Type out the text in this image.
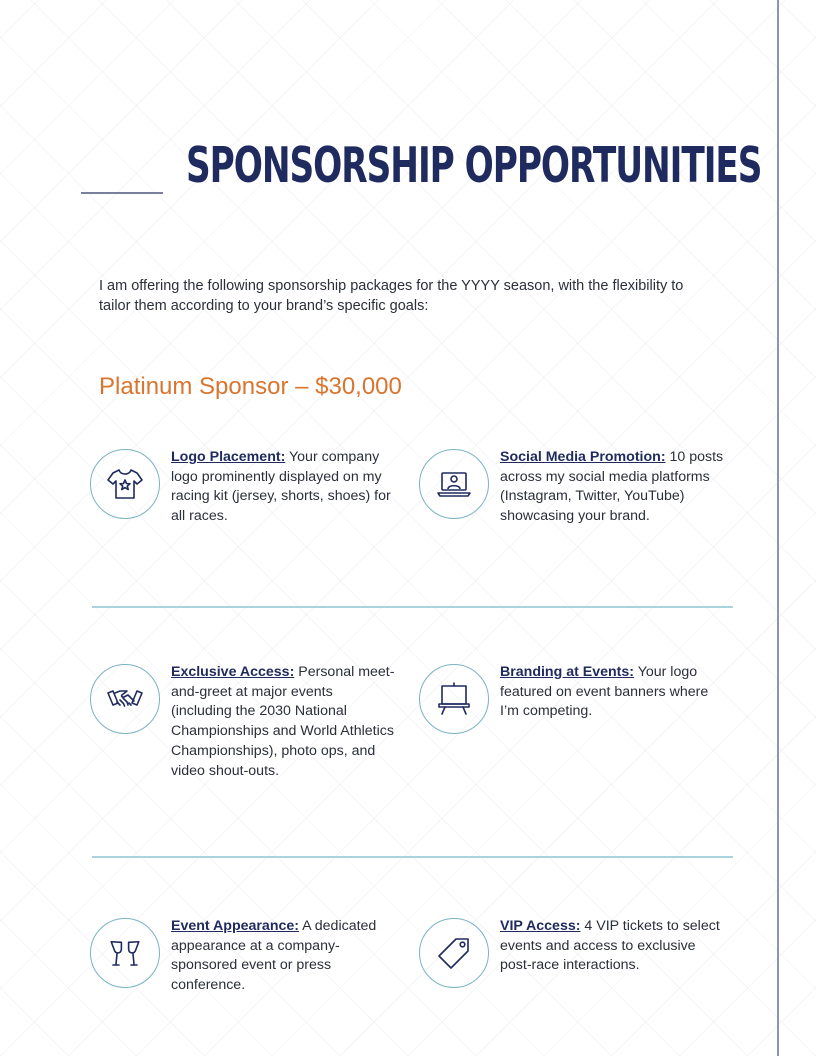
SPONSORSHIP OPPORTUNITIES

I am offering the following sponsorship packages for the YYYY season, with the flexibility to tailor them according to your brand’s specific goals:

Platinum Sponsor – $30,000
Logo Placement: Your company logo prominently displayed on my racing kit (jersey, shorts, shoes) for all races.
Social Media Promotion: 10 posts across my social media platforms (Instagram, Twitter, YouTube) showcasing your brand.
Exclusive Access: Personal meet-and-greet at major events (including the 2030 National Championships and World Athletics Championships), photo ops, and video shout-outs.
Branding at Events: Your logo featured on event banners where I’m competing.
Event Appearance: A dedicated appearance at a company-sponsored event or press conference.
VIP Access: 4 VIP tickets to select events and access to exclusive post-race interactions.
